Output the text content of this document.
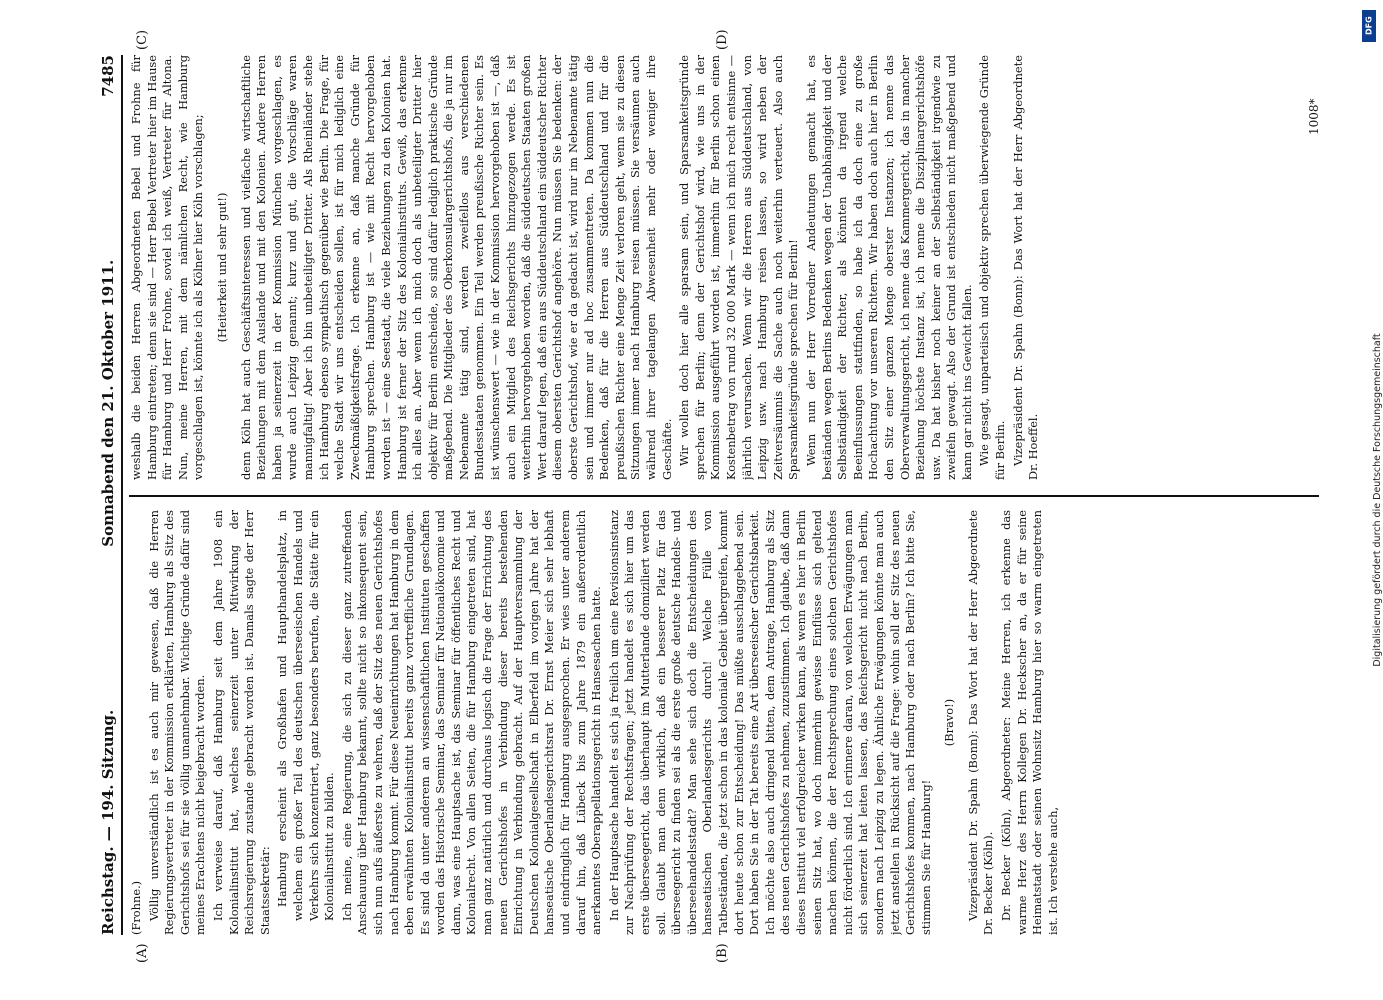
Reichstag. — 194. Sitzung.
Sonnabend den 21. Oktober 1911.
7485

(Frohne.) Völlig unverständlich ist es auch mir gewesen, daß die Herren Regierungsvertreter in der Kommission erklärten, Hamburg als Sitz des Gerichtshofs sei für sie völlig unannehmbar. Wichtige Gründe dafür sind meines Erachtens nicht beigebracht worden. Ich verweise darauf, daß Hamburg seit dem Jahre 1908 ein Kolonialinstitut hat, welches seinerzeit unter Mitwirkung der Reichsregierung zustande gebracht worden ist. Damals sagte der Herr Staatssekretär: Hamburg erscheint als Großhafen und Haupthandelsplatz, in welchem ein großer Teil des deutschen überseeischen Handels und Verkehrs sich konzentriert, ganz besonders berufen, die Stätte für ein Kolonialinstitut zu bilden. Ich meine, eine Regierung, die sich zu dieser ganz zutreffenden Anschauung über Hamburg bekannt, sollte nicht so inkonsequent sein, sich nun aufs äußerste zu wehren, daß der Sitz des neuen Gerichtshofes nach Hamburg kommt. Für diese Neueinrichtungen hat Hamburg in dem eben erwähnten Kolonialinstitut bereits ganz vortreffliche Grundlagen. Es sind da unter anderem an wissenschaftlichen Instituten geschaffen worden das Historische Seminar, das Seminar für Nationalökonomie und dann, was eine Hauptsache ist, das Seminar für öffentliches Recht und Kolonialrecht. Von allen Seiten, die für Hamburg eingetreten sind, hat man ganz natürlich und durchaus logisch die Frage der Errichtung des neuen Gerichtshofes in Verbindung dieser bereits bestehenden Einrichtung in Verbindung gebracht. Auf der Hauptversammlung der Deutschen Kolonialgesellschaft in Elberfeld im vorigen Jahre hat der hanseatische Oberlandesgerichtsrat Dr. Ernst Meier sich sehr lebhaft und eindringlich für Hamburg ausgesprochen. Er wies unter anderem darauf hin, daß Lübeck bis zum Jahre 1879 ein außerordentlich anerkanntes Oberappellationsgericht in Hansesachen hatte. In der Hauptsache handelt es sich ja freilich um eine Revisionsinstanz zur Nachprüfung der Rechtsfragen; jetzt handelt es sich hier um das erste überseegericht, das überhaupt im Mutterlande domiziliert werden soll. Glaubt man denn wirklich, daß ein besserer Platz für das überseegericht zu finden sei als die erste große deutsche Handels- und überseehandelsstadt? Man sehe sich doch die Entscheidungen des hanseatischen Oberlandesgerichts durch! Welche Fülle von Tatbeständen, die jetzt schon in das koloniale Gebiet übergreifen, kommt dort heute schon zur Entscheidung! Das müßte ausschlaggebend sein. Dort haben Sie in der Tat bereits eine Art überseeischer Gerichtsbarkeit. Ich möchte also auch dringend bitten, dem Antrage, Hamburg als Sitz des neuen Gerichtshofes zu nehmen, zuzustimmen. Ich glaube, daß dann dieses Institut viel erfolgreicher wirken kann, als wenn es hier in Berlin seinen Sitz hat, wo doch immerhin gewisse Einflüsse sich geltend machen können, die der Rechtsprechung eines solchen Gerichtshofes nicht förderlich sind. Ich erinnere daran, von welchen Erwägungen man sich seinerzeit hat leiten lassen, das Reichsgericht nicht nach Berlin, sondern nach Leipzig zu legen. Ähnliche Erwägungen könnte man auch jetzt anstellen in Rücksicht auf die Frage: wohin soll der Sitz des neuen Gerichtshofes kommen, nach Hamburg oder nach Berlin? Ich bitte Sie, stimmen Sie für Hamburg!

(Bravo!) Vizepräsident Dr. Spahn (Bonn): Das Wort hat der Herr Abgeordnete Dr. Becker (Köln). Dr. Becker (Köln), Abgeordneter: Meine Herren, ich erkenne das warme Herz des Herrn Kollegen Dr. Heckscher an, da er für seine Heimatstadt oder seinen Wohnsitz Hamburg hier so warm eingetreten ist. Ich verstehe auch,

weshalb die beiden Herren Abgeordneten Bebel und Frohne für Hamburg eintreten; denn sie sind — Herr Bebel Vertreter hier im Hause für Hamburg und Herr Frohne, soviel ich weiß, Vertreter für Altona. Nun, meine Herren, mit dem nämlichen Recht, wie Hamburg vorgeschlagen ist, könnte ich als Kölner hier Köln vorschlagen; (Heiterkeit und sehr gut!) denn Köln hat auch Geschäftsinteressen und vielfache wirtschaftliche Beziehungen mit dem Auslande und mit den Kolonien. Andere Herren haben ja seinerzeit in der Kommission München vorgeschlagen, es wurde auch Leipzig genannt; kurz und gut, die Vorschläge waren mannigfaltig! Aber ich bin unbeteiligter Dritter. Als Rheinländer stehe ich Hamburg ebenso sympathisch gegenüber wie Berlin. Die Frage, für welche Stadt wir uns entscheiden sollen, ist für mich lediglich eine Zweckmäßigkeitsfrage. Ich erkenne an, daß manche Gründe für Hamburg sprechen. Hamburg ist — wie mit Recht hervorgehoben worden ist — eine Seestadt, die viele Beziehungen zu den Kolonien hat. Hamburg ist ferner der Sitz des Kolonialinstituts. Gewiß, das erkenne ich alles an. Aber wenn ich mich doch als unbeteiligter Dritter hier objektiv für Berlin entscheide, so sind dafür lediglich praktische Gründe maßgebend. Die Mitglieder des Oberkonsulargerichtshofs, die ja nur im Nebenamte tätig sind, werden zweifellos aus verschiedenen Bundesstaaten genommen. Ein Teil werden preußische Richter sein. Es ist wünschenswert — wie in der Kommission hervorgehoben ist —, daß auch ein Mitglied des Reichsgerichts hinzugezogen werde. Es ist weiterhin hervorgehoben worden, daß die süddeutschen Staaten großen Wert darauf legen, daß ein aus Süddeutschland ein süddeutscher Richter diesem obersten Gerichtshof angehöre. Nun müssen Sie bedenken: der oberste Gerichtshof, wie er da gedacht ist, wird nur im Nebenamte tätig sein und immer nur ad hoc zusammentreten. Da kommen nun die Bedenken, daß für die Herren aus Süddeutschland und für die preußischen Richter eine Menge Zeit verloren geht, wenn sie zu diesen Sitzungen immer nach Hamburg reisen müssen. Sie versäumen auch während ihrer tagelangen Abwesenheit mehr oder weniger ihre Geschäfte. Wir wollen doch hier alle sparsam sein, und Sparsamkeitsgründe sprechen für Berlin; denn der Gerichtshof wird, wie uns in der Kommission ausgeführt worden ist, immerhin für Berlin schon einen Kostenbetrag von rund 32 000 Mark — wenn ich mich recht entsinne — jährlich verursachen. Wenn wir die Herren aus Süddeutschland, von Leipzig usw. nach Hamburg reisen lassen, so wird neben der Zeitversäumnis die Sache auch noch weiterhin verteuert. Also auch Sparsamkeitsgründe sprechen für Berlin! Wenn nun der Herr Vorredner Andeutungen gemacht hat, es beständen wegen Berlins Bedenken wegen der Unabhängigkeit und der Selbständigkeit der Richter, als könnten da irgend welche Beeinflussungen stattfinden, so habe ich da doch eine zu große Hochachtung vor unseren Richtern. Wir haben doch auch hier in Berlin den Sitz einer ganzen Menge oberster Instanzen; ich nenne das Oberverwaltungsgericht, ich nenne das Kammergericht, das in mancher Beziehung höchste Instanz ist, ich nenne die Disziplinargerichtshöfe usw. Da hat bisher noch keiner an der Selbständigkeit irgendwie zu zweifeln gewagt. Also der Grund ist entschieden nicht maßgebend und kann gar nicht ins Gewicht fallen. Wie gesagt, unparteiisch und objektiv sprechen überwiegende Gründe für Berlin. Vizepräsident Dr. Spahn (Bonn): Das Wort hat der Herr Abgeordnete Dr. Hoeffel.

(A)	(B)
(C)	(D)
1008*
DFG
Digitalisierung gefördert durch die Deutsche Forschungsgemeinschaft
